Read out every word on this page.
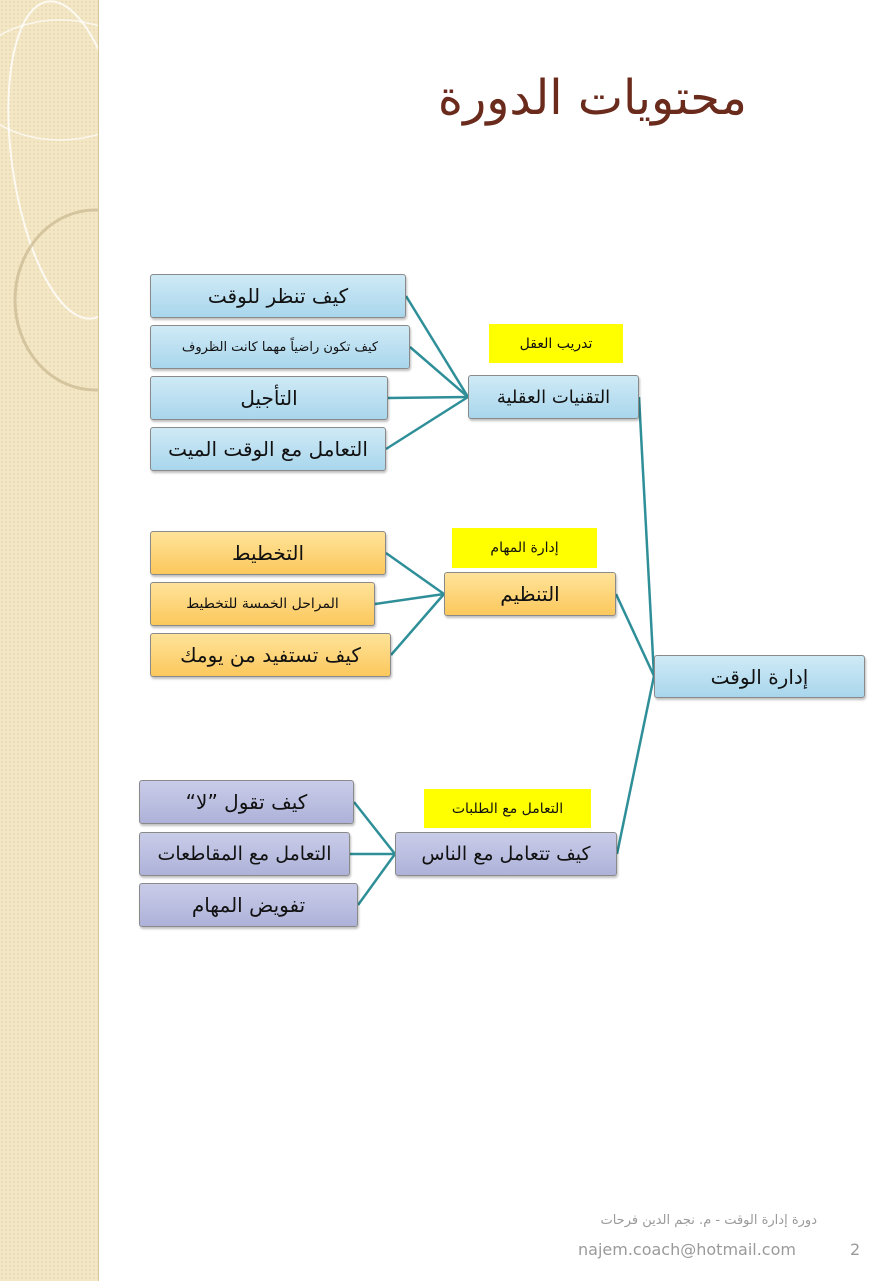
محتويات الدورة
إدارة الوقت
تدريب العقل
التقنيات العقلية
كيف تنظر للوقت
كيف تكون راضياً مهما كانت الظروف
التأجيل
التعامل مع الوقت الميت
إدارة المهام
التنظيم
التخطيط
المراحل الخمسة للتخطيط
كيف تستفيد من يومك
التعامل مع الطلبات
كيف تتعامل مع الناس
كيف تقول ”لا“
التعامل مع المقاطعات
تفويض المهام
دورة إدارة الوقت - م. نجم الدين فرحات
najem.coach@hotmail.com	2
